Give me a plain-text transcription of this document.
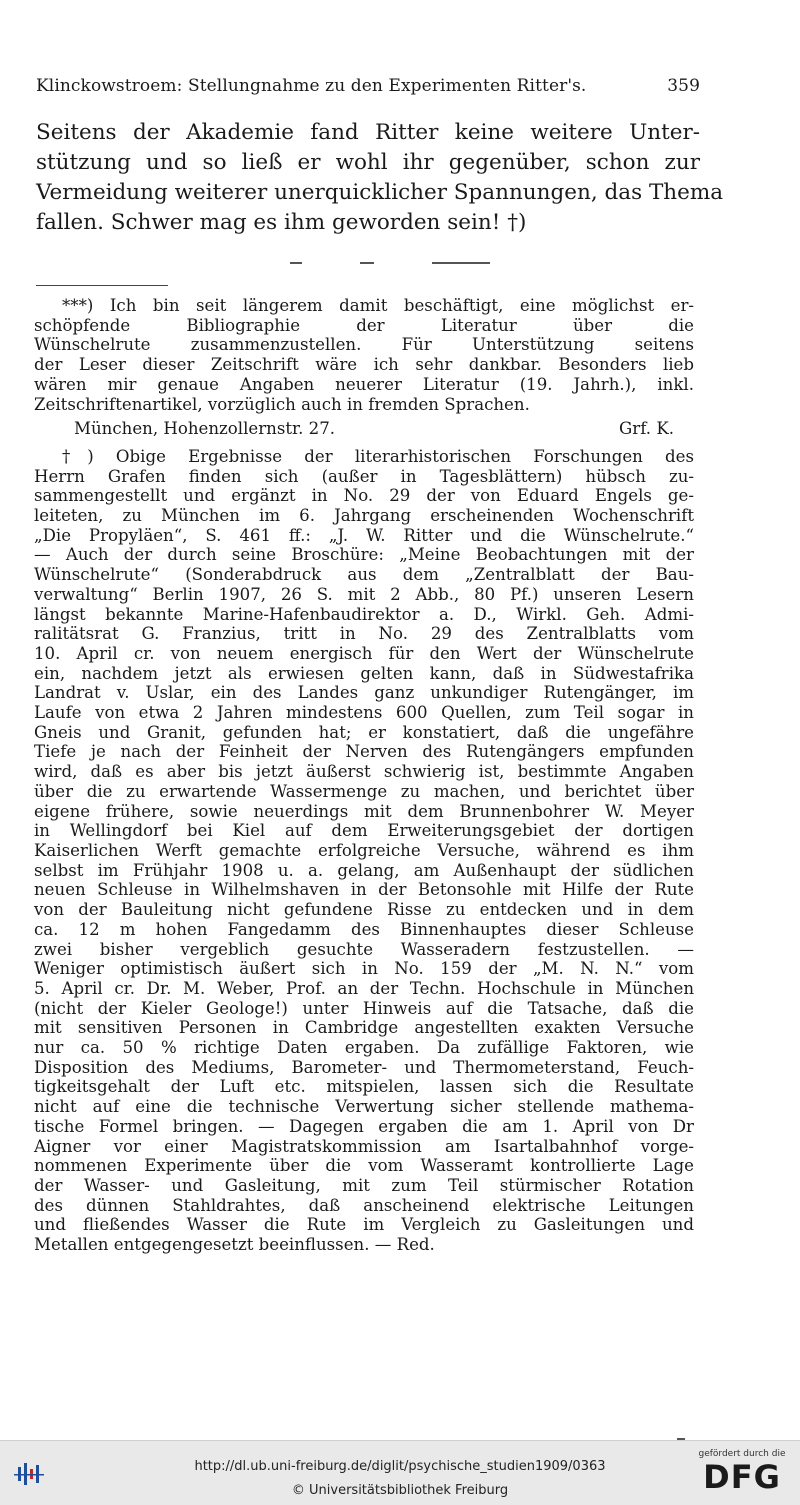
Klinckowstroem: Stellungnahme zu den Experimenten Ritter's.	359
Seitens der Akademie fand Ritter keine weitere Unter-
stützung und so ließ er wohl ihr gegenüber, schon zur
Vermeidung weiterer unerquicklicher Spannungen, das Thema
fallen. Schwer mag es ihm geworden sein! †)
***) Ich bin seit längerem damit beschäftigt, eine möglichst er-
schöpfende Bibliographie der Literatur über die
Wünschelrute zusammenzustellen. Für Unterstützung seitens
der Leser dieser Zeitschrift wäre ich sehr dankbar. Besonders lieb
wären mir genaue Angaben neuerer Literatur (19. Jahrh.), inkl.
Zeitschriftenartikel, vorzüglich auch in fremden Sprachen.
München, Hohenzollernstr. 27.	Grf. K.
†) Obige Ergebnisse der literarhistorischen Forschungen des
Herrn Grafen finden sich (außer in Tagesblättern) hübsch zu-
sammengestellt und ergänzt in No. 29 der von Eduard Engels ge-
leiteten, zu München im 6. Jahrgang erscheinenden Wochenschrift
„Die Propyläen“, S. 461 ff.: „J. W. Ritter und die Wünschelrute.“
— Auch der durch seine Broschüre: „Meine Beobachtungen mit der
Wünschelrute“ (Sonderabdruck aus dem „Zentralblatt der Bau-
verwaltung“ Berlin 1907, 26 S. mit 2 Abb., 80 Pf.) unseren Lesern
längst bekannte Marine-Hafenbaudirektor a. D., Wirkl. Geh. Admi-
ralitätsrat G. Franzius, tritt in No. 29 des Zentralblatts vom
10. April cr. von neuem energisch für den Wert der Wünschelrute
ein, nachdem jetzt als erwiesen gelten kann, daß in Südwestafrika
Landrat v. Uslar, ein des Landes ganz unkundiger Rutengänger, im
Laufe von etwa 2 Jahren mindestens 600 Quellen, zum Teil sogar in
Gneis und Granit, gefunden hat; er konstatiert, daß die ungefähre
Tiefe je nach der Feinheit der Nerven des Rutengängers empfunden
wird, daß es aber bis jetzt äußerst schwierig ist, bestimmte Angaben
über die zu erwartende Wassermenge zu machen, und berichtet über
eigene frühere, sowie neuerdings mit dem Brunnenbohrer W. Meyer
in Wellingdorf bei Kiel auf dem Erweiterungsgebiet der dortigen
Kaiserlichen Werft gemachte erfolgreiche Versuche, während es ihm
selbst im Frühjahr 1908 u. a. gelang, am Außenhaupt der südlichen
neuen Schleuse in Wilhelmshaven in der Betonsohle mit Hilfe der Rute
von der Bauleitung nicht gefundene Risse zu entdecken und in dem
ca. 12 m hohen Fangedamm des Binnenhauptes dieser Schleuse
zwei bisher vergeblich gesuchte Wasseradern festzustellen. —
Weniger optimistisch äußert sich in No. 159 der „M. N. N.“ vom
5. April cr. Dr. M. Weber, Prof. an der Techn. Hochschule in München
(nicht der Kieler Geologe!) unter Hinweis auf die Tatsache, daß die
mit sensitiven Personen in Cambridge angestellten exakten Versuche
nur ca. 50 % richtige Daten ergaben. Da zufällige Faktoren, wie
Disposition des Mediums, Barometer- und Thermometerstand, Feuch-
tigkeitsgehalt der Luft etc. mitspielen, lassen sich die Resultate
nicht auf eine die technische Verwertung sicher stellende mathema-
tische Formel bringen. — Dagegen ergaben die am 1. April von Dr
Aigner vor einer Magistratskommission am Isartalbahnhof vorge-
nommenen Experimente über die vom Wasseramt kontrollierte Lage
der Wasser- und Gasleitung, mit zum Teil stürmischer Rotation
des dünnen Stahldrahtes, daß anscheinend elektrische Leitungen
und fließendes Wasser die Rute im Vergleich zu Gasleitungen und
Metallen entgegengesetzt beeinflussen. — Red.
http://dl.ub.uni-freiburg.de/diglit/psychische_studien1909/0363
© Universitätsbibliothek Freiburg
gefördert durch die
DFG
